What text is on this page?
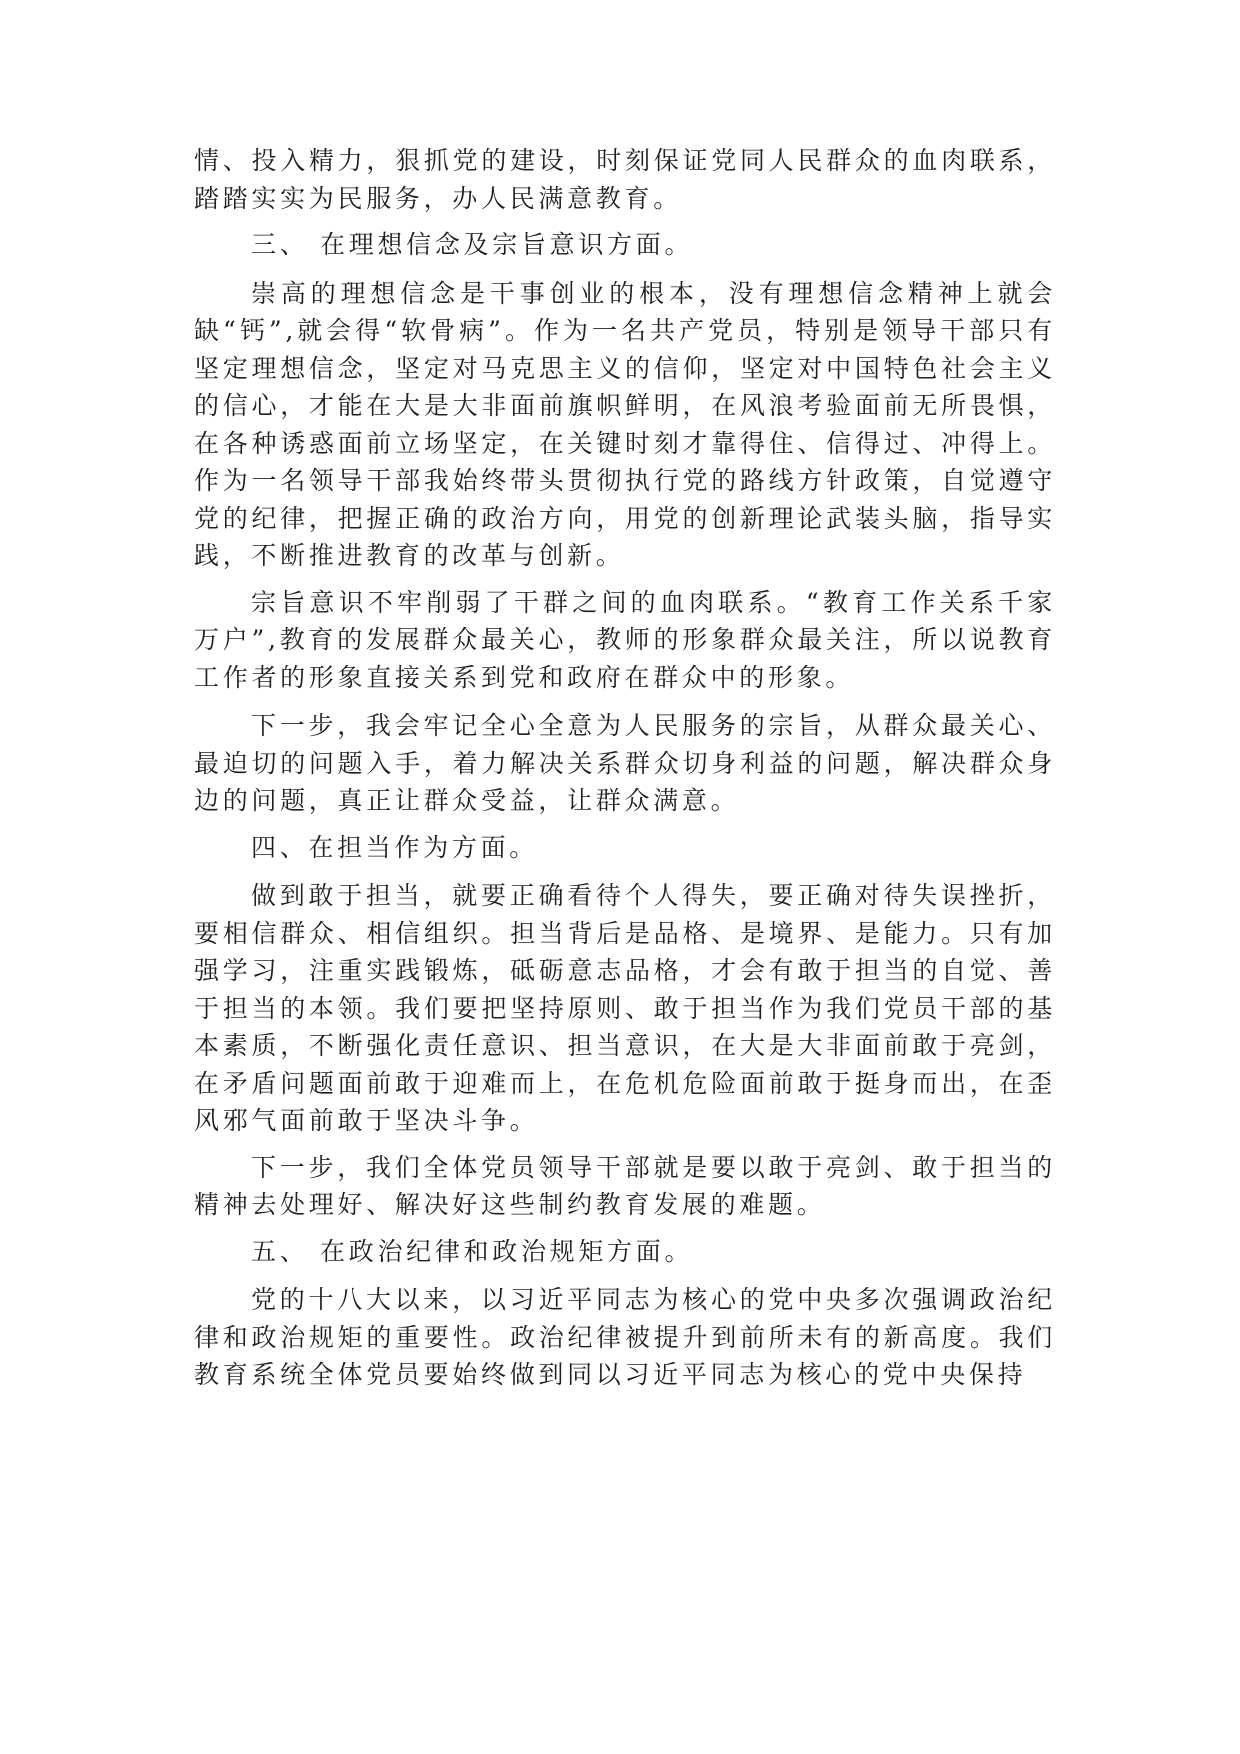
情、投入精力，狠抓党的建设，时刻保证党同人民群众的血肉联系，踏踏实实为民服务，办人民满意教育。

三、 在理想信念及宗旨意识方面。

崇高的理想信念是干事创业的根本，没有理想信念精神上就会缺“钙”,就会得“软骨病”。作为一名共产党员，特别是领导干部只有坚定理想信念，坚定对马克思主义的信仰，坚定对中国特色社会主义的信心，才能在大是大非面前旗帜鲜明，在风浪考验面前无所畏惧，在各种诱惑面前立场坚定，在关键时刻才靠得住、信得过、冲得上。作为一名领导干部我始终带头贯彻执行党的路线方针政策，自觉遵守党的纪律，把握正确的政治方向，用党的创新理论武装头脑，指导实践，不断推进教育的改革与创新。

宗旨意识不牢削弱了干群之间的血肉联系。“教育工作关系千家万户”,教育的发展群众最关心，教师的形象群众最关注，所以说教育工作者的形象直接关系到党和政府在群众中的形象。

下一步，我会牢记全心全意为人民服务的宗旨，从群众最关心、最迫切的问题入手，着力解决关系群众切身利益的问题，解决群众身边的问题，真正让群众受益，让群众满意。

四、在担当作为方面。

做到敢于担当，就要正确看待个人得失，要正确对待失误挫折，要相信群众、相信组织。担当背后是品格、是境界、是能力。只有加强学习，注重实践锻炼，砥砺意志品格，才会有敢于担当的自觉、善于担当的本领。我们要把坚持原则、敢于担当作为我们党员干部的基本素质，不断强化责任意识、担当意识，在大是大非面前敢于亮剑，在矛盾问题面前敢于迎难而上，在危机危险面前敢于挺身而出，在歪风邪气面前敢于坚决斗争。

下一步，我们全体党员领导干部就是要以敢于亮剑、敢于担当的精神去处理好、解决好这些制约教育发展的难题。

五、 在政治纪律和政治规矩方面。

党的十八大以来，以习近平同志为核心的党中央多次强调政治纪律和政治规矩的重要性。政治纪律被提升到前所未有的新高度。我们教育系统全体党员要始终做到同以习近平同志为核心的党中央保持
